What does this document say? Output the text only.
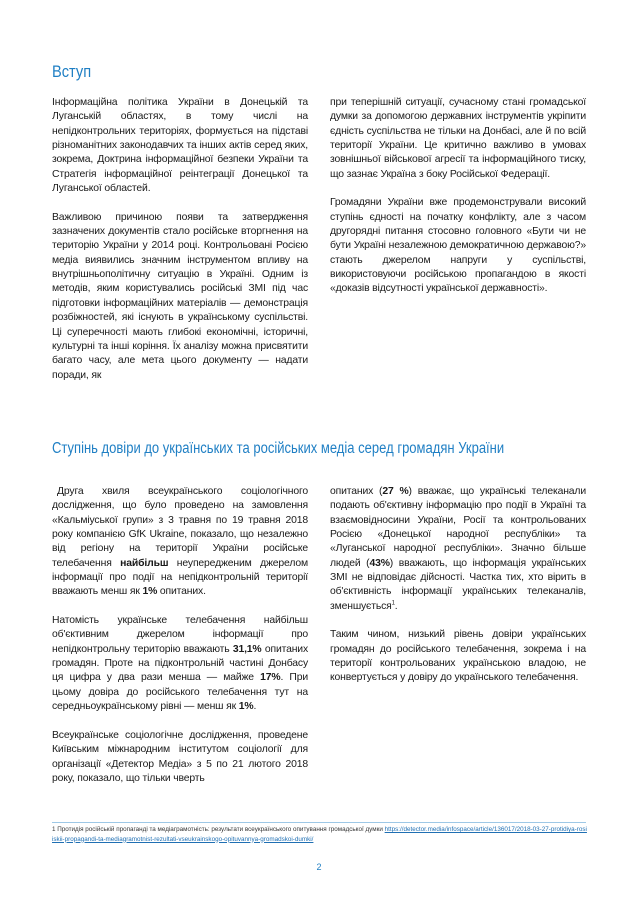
Вступ

Інформаційна політика України в Донецькій та Луганській областях, в тому числі на непідконтрольних територіях, формується на підставі різноманітних законодавчих та інших актів серед яких, зокрема, Доктрина інформаційної безпеки України та Стратегія інформаційної реінтеграції Донецької та Луганської областей.

Важливою причиною появи та затвердження зазначених документів стало російське вторгнення на територію України у 2014 році. Контрольовані Росією медіа виявились значним інструментом впливу на внутрішньополітичну ситуацію в Україні. Одним із методів, яким користувались російські ЗМІ під час підготовки інформаційних матеріалів — демонстрація розбіжностей, які існують в українському суспільстві. Ці суперечності мають глибокі економічні, історичні, культурні та інші коріння. Їх аналізу можна присвятити багато часу, але мета цього документу — надати поради, як

при теперішній ситуації, сучасному стані громадської думки за допомогою державних інструментів укріпити єдність суспільства не тільки на Донбасі, але й по всій території України. Це критично важливо в умовах зовнішньої військової агресії та інформаційного тиску, що зазнає Україна з боку Російської Федерації.

Громадяни України вже продемонстрували високий ступінь єдності на початку конфлікту, але з часом другорядні питання стосовно головного «Бути чи не бути Україні незалежною демократичною державою?» стають джерелом напруги у суспільстві, використовуючи російською пропагандою в якості «доказів відсутності української державності».

Ступінь довіри до українських та російських медіа серед громадян України

Друга хвиля всеукраїнського соціологічного дослідження, що було проведено на замовлення «Кальміуської групи» з 3 травня по 19 травня 2018 року компанією GfK Ukraine, показало, що незалежно від регіону на території України російське телебачення найбільш неупередженим джерелом інформації про події на непідконтрольній території вважають менш як 1% опитаних.

Натомість українське телебачення найбільш об'єктивним джерелом інформації про непідконтрольну територію вважають 31,1% опитаних громадян. Проте на підконтрольній частині Донбасу ця цифра у два рази менша — майже 17%. При цьому довіра до російського телебачення тут на середньоукраїнському рівні — менш як 1%.

Всеукраїнське соціологічне дослідження, проведене Київським міжнародним інститутом соціології для організації «Детектор Медіа» з 5 по 21 лютого 2018 року, показало, що тільки чверть

опитаних (27 %) вважає, що українські телеканали подають об'єктивну інформацію про події в Україні та взаємовідносини України, Росії та контрольованих Росією «Донецької народної республіки» та «Луганської народної республіки». Значно більше людей (43%) вважають, що інформація українських ЗМІ не відповідає дійсності. Частка тих, хто вірить в об'єктивність інформації українських телеканалів, зменшується$^1$.

Таким чином, низький рівень довіри українських громадян до російського телебачення, зокрема і на території контрольованих українською владою, не конвертується у довіру до українського телебачення.

1 Протидія російській пропаганді та медіаграмотність: результати всеукраїнського опитування громадської думки https://detector.media/infospace/article/136017/2018-03-27-protidiya-rosiiskii-propagandi-ta-mediagramotnist-rezultati-vseukrainskogo-opituvannya-gromadskoi-dumki/
2
